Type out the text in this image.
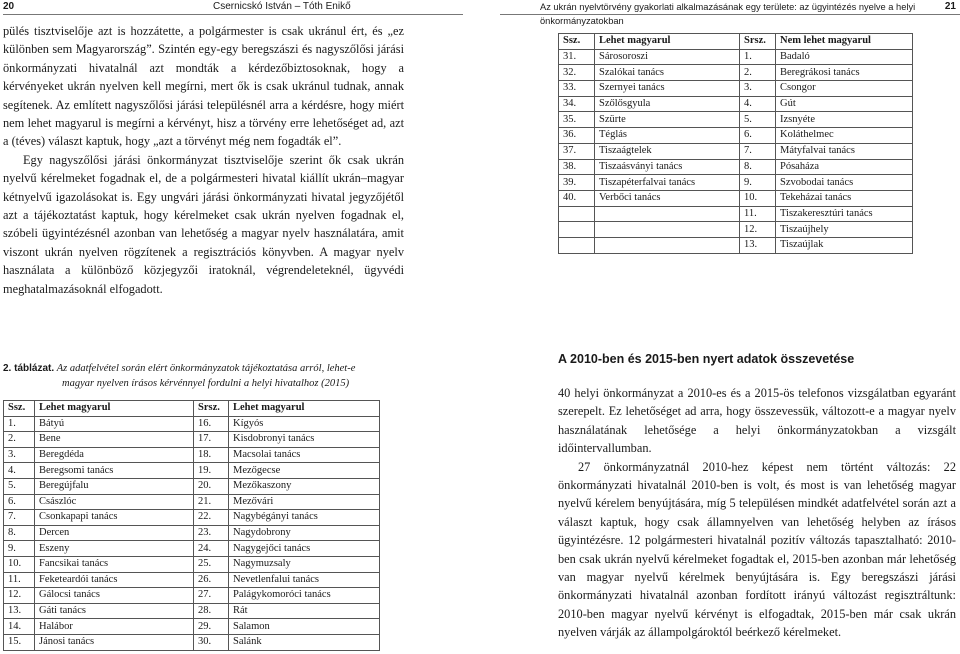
20	Csernicskó István – Tóth Enikő	Az ukrán nyelvtörvény gyakorlati alkalmazásának egy területe: az ügyintézés nyelve a helyi önkormányzatokban
21

pülés tisztviselője azt is hozzátette, a polgármester is csak ukránul ért, és „ez különben sem Magyarország”. Szintén egy-egy beregszászi és nagyszőlősi járási önkormányzati hivatalnál azt mondták a kérdezőbiztosoknak, hogy a kérvényeket ukrán nyelven kell megírni, mert ők is csak ukránul tudnak, annak segítenek. Az említett nagyszőlősi járási településnél arra a kérdésre, hogy miért nem lehet magyarul is megírni a kérvényt, hisz a törvény erre lehetőséget ad, azt a (téves) választ kaptuk, hogy „azt a törvényt még nem fogadták el”.

Egy nagyszőlősi járási önkormányzat tisztviselője szerint ők csak ukrán nyelvű kérelmeket fogadnak el, de a polgármesteri hivatal kiállít ukrán–magyar kétnyelvű igazolásokat is. Egy ungvári járási önkormányzati hivatal jegyzőjétől azt a tájékoztatást kaptuk, hogy kérelmeket csak ukrán nyelven fogadnak el, szóbeli ügyintézésnél azonban van lehetőség a magyar nyelv használatára, amit viszont ukrán nyelven rögzítenek a regisztrációs könyvben. A magyar nyelv használata a különböző közjegyzői iratoknál, végrendeleteknél, ügyvédi meghatalmazásoknál elfogadott.

Ssz.	Lehet magyarul	Srsz.	Nem lehet magyarul
31.	Sárosoroszi	1.	Badaló
32.	Szalókai tanács	2.	Beregrákosi tanács
33.	Szernyei tanács	3.	Csongor
34.	Szőlősgyula	4.	Gút
35.	Szürte	5.	Izsnyéte
36.	Téglás	6.	Koláthelmec
37.	Tiszaágtelek	7.	Mátyfalvai tanács
38.	Tiszaásványi tanács	8.	Pósaháza
39.	Tiszapéterfalvai tanács	9.	Szvobodai tanács
40.	Verbőci tanács	10.	Tekeházai tanács
		11.	Tiszakeresztúri tanács
		12.	Tiszaújhely
		13.	Tiszaújlak
2. táblázat. Az adatfelvétel során elért önkormányzatok tájékoztatása arról, lehet-e
magyar nyelven írásos kérvénnyel fordulni a helyi hivatalhoz (2015)
Ssz.	Lehet magyarul	Srsz.	Lehet magyarul
1.	Bátyú	16.	Kígyós
2.	Bene	17.	Kisdobronyi tanács
3.	Beregdéda	18.	Macsolai tanács
4.	Beregsomi tanács	19.	Mezőgecse
5.	Beregújfalu	20.	Mezőkaszony
6.	Császlóc	21.	Mezővári
7.	Csonkapapi tanács	22.	Nagybégányi tanács
8.	Dercen	23.	Nagydobrony
9.	Eszeny	24.	Nagygejőci tanács
10.	Fancsikai tanács	25.	Nagymuzsaly
11.	Feketeardói tanács	26.	Nevetlenfalui tanács
12.	Gálocsi tanács	27.	Palágykomoróci tanács
13.	Gáti tanács	28.	Rát
14.	Halábor	29.	Salamon
15.	Jánosi tanács	30.	Salánk
A 2010-ben és 2015-ben nyert adatok összevetése

40 helyi önkormányzat a 2010-es és a 2015-ös telefonos vizsgálatban egyaránt szerepelt. Ez lehetőséget ad arra, hogy összevessük, változott-e a magyar nyelv használatának lehetősége a helyi önkormányzatokban a vizsgált időintervallumban.

27 önkormányzatnál 2010-hez képest nem történt változás: 22 önkormányzati hivatalnál 2010-ben is volt, és most is van lehetőség magyar nyelvű kérelem benyújtására, míg 5 településen mindkét adatfelvétel során azt a választ kaptuk, hogy csak államnyelven van lehetőség helyben az írásos ügyintézésre. 12 polgármesteri hivatalnál pozitív változás tapasztalható: 2010-ben csak ukrán nyelvű kérelmeket fogadtak el, 2015-ben azonban már lehetőség van magyar nyelvű kérelmek benyújtására is. Egy beregszászi járási önkormányzati hivatalnál azonban fordított irányú változást regisztráltunk: 2010-ben magyar nyelvű kérvényt is elfogadtak, 2015-ben már csak ukrán nyelven várják az állampolgároktól beérkező kérelmeket.
